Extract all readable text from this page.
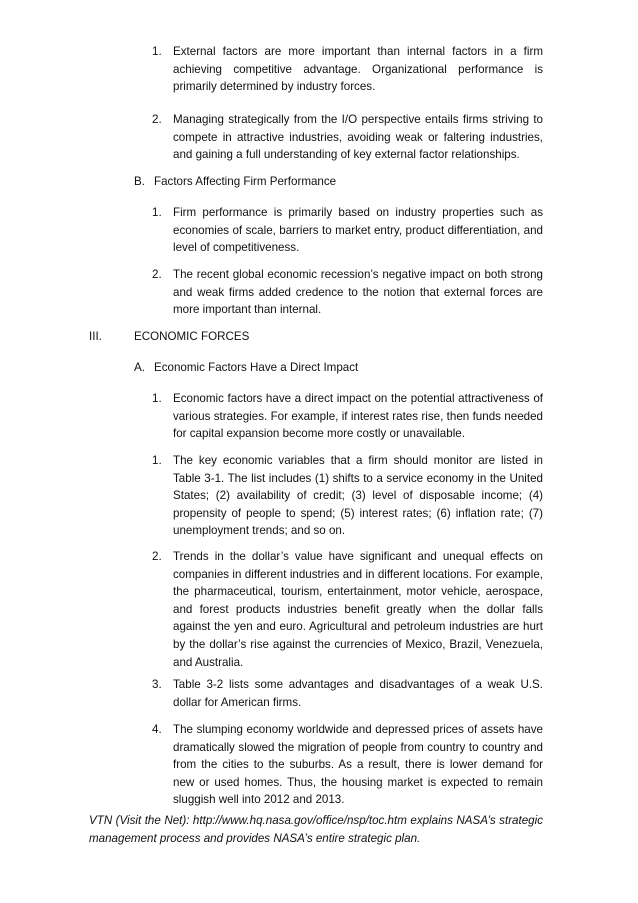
1. External factors are more important than internal factors in a firm achieving competitive advantage. Organizational performance is primarily determined by industry forces.
2. Managing strategically from the I/O perspective entails firms striving to compete in attractive industries, avoiding weak or faltering industries, and gaining a full understanding of key external factor relationships.
B. Factors Affecting Firm Performance
1. Firm performance is primarily based on industry properties such as economies of scale, barriers to market entry, product differentiation, and level of competitiveness.
2. The recent global economic recession’s negative impact on both strong and weak firms added credence to the notion that external forces are more important than internal.
III.	ECONOMIC FORCES
A. Economic Factors Have a Direct Impact
1. Economic factors have a direct impact on the potential attractiveness of various strategies. For example, if interest rates rise, then funds needed for capital expansion become more costly or unavailable.
1. The key economic variables that a firm should monitor are listed in Table 3-1. The list includes (1) shifts to a service economy in the United States; (2) availability of credit; (3) level of disposable income; (4) propensity of people to spend; (5) interest rates; (6) inflation rate; (7) unemployment trends; and so on.
2. Trends in the dollar’s value have significant and unequal effects on companies in different industries and in different locations. For example, the pharmaceutical, tourism, entertainment, motor vehicle, aerospace, and forest products industries benefit greatly when the dollar falls against the yen and euro. Agricultural and petroleum industries are hurt by the dollar’s rise against the currencies of Mexico, Brazil, Venezuela, and Australia.
3. Table 3-2 lists some advantages and disadvantages of a weak U.S. dollar for American firms.
4. The slumping economy worldwide and depressed prices of assets have dramatically slowed the migration of people from country to country and from the cities to the suburbs. As a result, there is lower demand for new or used homes. Thus, the housing market is expected to remain sluggish well into 2012 and 2013.
VTN (Visit the Net): http://www.hq.nasa.gov/office/nsp/toc.htm explains NASA’s strategic management process and provides NASA’s entire strategic plan.
